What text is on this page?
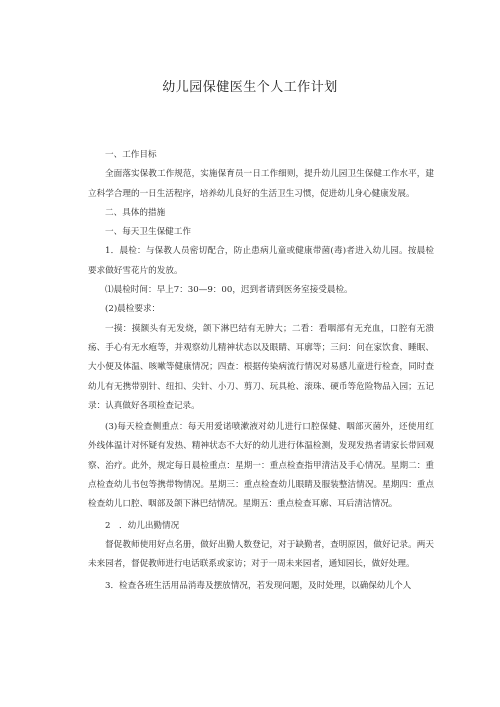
幼儿园保健医生个人工作计划

一、工作目标

全面落实保教工作规范，实施保育员一日工作细则，提升幼儿园卫生保健工作水平，建立科学合理的一日生活程序，培养幼儿良好的生活卫生习惯，促进幼儿身心健康发展。

二、具体的措施

一、每天卫生保健工作

1．晨检：与保教人员密切配合，防止患病儿童或健康带菌(毒)者进入幼儿园。按晨检要求做好雪花片的发放。

⑴晨检时间：早上7：30—9：00，迟到者请到医务室接受晨检。

(2)晨检要求：

一摸：摸额头有无发烧，颌下淋巴结有无肿大；二看：看咽部有无充血，口腔有无溃疡、手心有无水疱等，并观察幼儿精神状态以及眼睛、耳廓等；三问：问在家饮食、睡眠、大小便及体温、咳嗽等健康情况；四查：根据传染病流行情况对易感儿童进行检查，同时查幼儿有无携带别针、纽扣、尖针、小刀、剪刀、玩具枪、滚珠、硬币等危险物品入园；五记录：认真做好各项检查记录。

(3)每天检查侧重点：每天用爱诺喷漱液对幼儿进行口腔保健、咽部灭菌外，还使用红外线体温计对怀疑有发热、精神状态不大好的幼儿进行体温检测，发现发热者请家长带回观察、治疗。此外，规定每日晨检重点：星期一：重点检查指甲清洁及手心情况。星期二：重点检查幼儿书包等携带物情况。星期三：重点检查幼儿眼睛及服装整洁情况。星期四：重点检查幼儿口腔、咽部及颌下淋巴结情况。星期五：重点检查耳廓、耳后清洁情况。

2　．幼儿出勤情况

督促教师使用好点名册，做好出勤人数登记，对于缺勤者，查明原因，做好记录。两天未来园者，督促教师进行电话联系或家访；对于一周未来园者，通知园长，做好处理。

3．检查各班生活用品消毒及摆放情况，若发现问题，及时处理，以确保幼儿个人
